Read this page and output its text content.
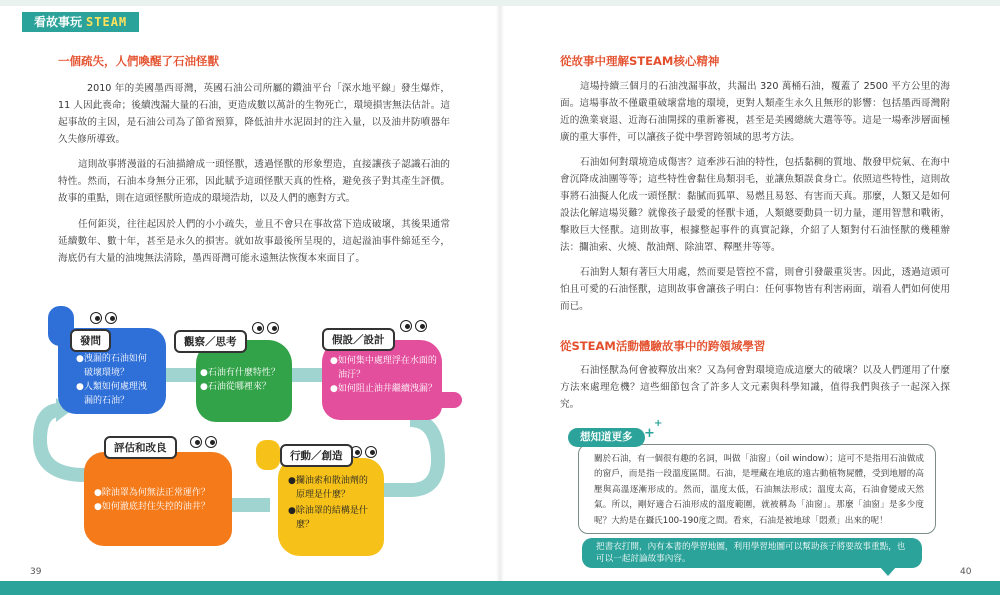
看故事玩 STEAM
一個疏失，人們喚醒了石油怪獸
2010 年的美國墨西哥灣，英國石油公司所屬的鑽油平台「深水地平線」發生爆炸，11 人因此喪命；後續洩漏大量的石油，更造成數以萬計的生物死亡，環境損害無法估計。這起事故的主因，是石油公司為了節省預算，降低油井水泥固封的注入量，以及油井防噴器年久失修所導致。
這則故事將漫溢的石油描繪成一頭怪獸，透過怪獸的形象塑造，直接讓孩子認識石油的特性。然而，石油本身無分正邪，因此賦予這頭怪獸天真的性格，避免孩子對其產生評價。故事的重點，則在這頭怪獸所造成的環境浩劫，以及人們的應對方式。
任何鉅災，往往起因於人們的小小疏失，並且不會只在事故當下造成破壞，其後果通常延續數年、數十年，甚至是永久的損害。就如故事最後所呈現的，這起溢油事件綿延至今，海底仍有大量的油塊無法清除，墨西哥灣可能永遠無法恢復本來面目了。
發問
●洩漏的石油如何
破壞環境？
●人類如何處理洩
漏的石油？
觀察／思考
●石油有什麼特性？
●石油從哪裡來？
假設／設計
●如何集中處理浮在水面的
油汙？
●如何阻止油井繼續洩漏？
行動／創造
●攔油索和散油劑的
原理是什麼？
●除油罩的結構是什
麼？
評估和改良
●除油罩為何無法正常運作？
●如何澈底封住失控的油井？
39
從故事中理解STEAM核心精神
這場持續三個月的石油洩漏事故，共漏出 320 萬桶石油，覆蓋了 2500 平方公里的海面。這場事故不僅嚴重破壞當地的環境，更對人類產生永久且無形的影響：包括墨西哥灣附近的漁業衰退、近海石油開採的重新審視，甚至是美國總統大選等等。這是一場牽涉層面極廣的重大事件，可以讓孩子從中學習跨領域的思考方法。
石油如何對環境造成傷害？這牽涉石油的特性，包括黏稠的質地、散發甲烷氣、在海中會沉降成油團等等；這些特性會黏住鳥類羽毛，並讓魚類誤食身亡。依照這些特性，這則故事將石油擬人化成一頭怪獸：黏膩而狐單、易燃且易怒、有害而天真。那麼，人類又是如何設法化解這場災難？就像孩子最愛的怪獸卡通，人類總要動員一切力量，運用智慧和戰術，擊敗巨大怪獸。這則故事，根據整起事件的真實記錄，介紹了人類對付石油怪獸的幾種辦法：攔油索、火燒、散油劑、除油罩、釋壓井等等。
石油對人類有著巨大用處，然而要是管控不當，則會引發嚴重災害。因此，透過這頭可怕且可愛的石油怪獸，這則故事會讓孩子明白：任何事物皆有利害兩面，端看人們如何使用而已。
從STEAM活動體驗故事中的跨領域學習
石油怪獸為何會被釋放出來？又為何會對環境造成這麼大的破壞？以及人們運用了什麼方法來處理危機？這些細節包含了許多人文元素與科學知識，值得我們與孩子一起深入探究。
想知道更多 +
+
關於石油，有一個很有趣的名詞，叫做「油窗」（oil window）；這可不是指用石油做成的窗戶，而是指一段溫度區間。石油，是埋藏在地底的遠古動植物屍體，受到地層的高壓與高溫逐漸形成的。然而，溫度太低，石油無法形成；溫度太高，石油會變成天然氣。所以，剛好適合石油形成的溫度範圍，就被稱為「油窗」。那麼「油窗」是多少度呢？大約是在攝氏100-190度之間。看來，石油是被地球「悶煮」出來的呢！
把書衣打開，內有本書的學習地圖，利用學習地圖可以幫助孩子將要故事重點，也可以一起討論故事內容。
40
